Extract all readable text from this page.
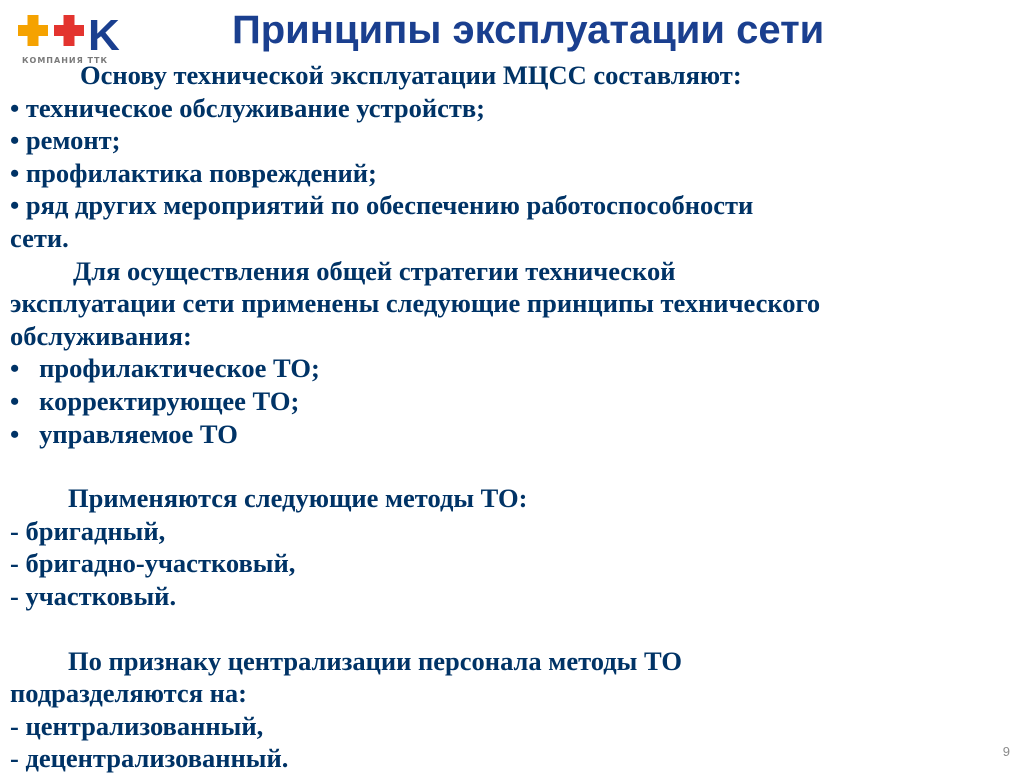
K
КОМПАНИЯ ТТК
Принципы эксплуатации сети
Основу технической эксплуатации МЦСС составляют:
• техническое обслуживание устройств;
• ремонт;
• профилактика повреждений;
• ряд других мероприятий по обеспечению работоспособности
сети.
Для осуществления общей стратегии технической
эксплуатации сети применены следующие принципы технического
обслуживания:
• профилактическое ТО;
• корректирующее ТО;
• управляемое ТО
Применяются следующие методы ТО:
- бригадный,
- бригадно-участковый,
- участковый.
По признаку централизации персонала методы ТО
подразделяются на:
- централизованный,
- децентрализованный.	9
